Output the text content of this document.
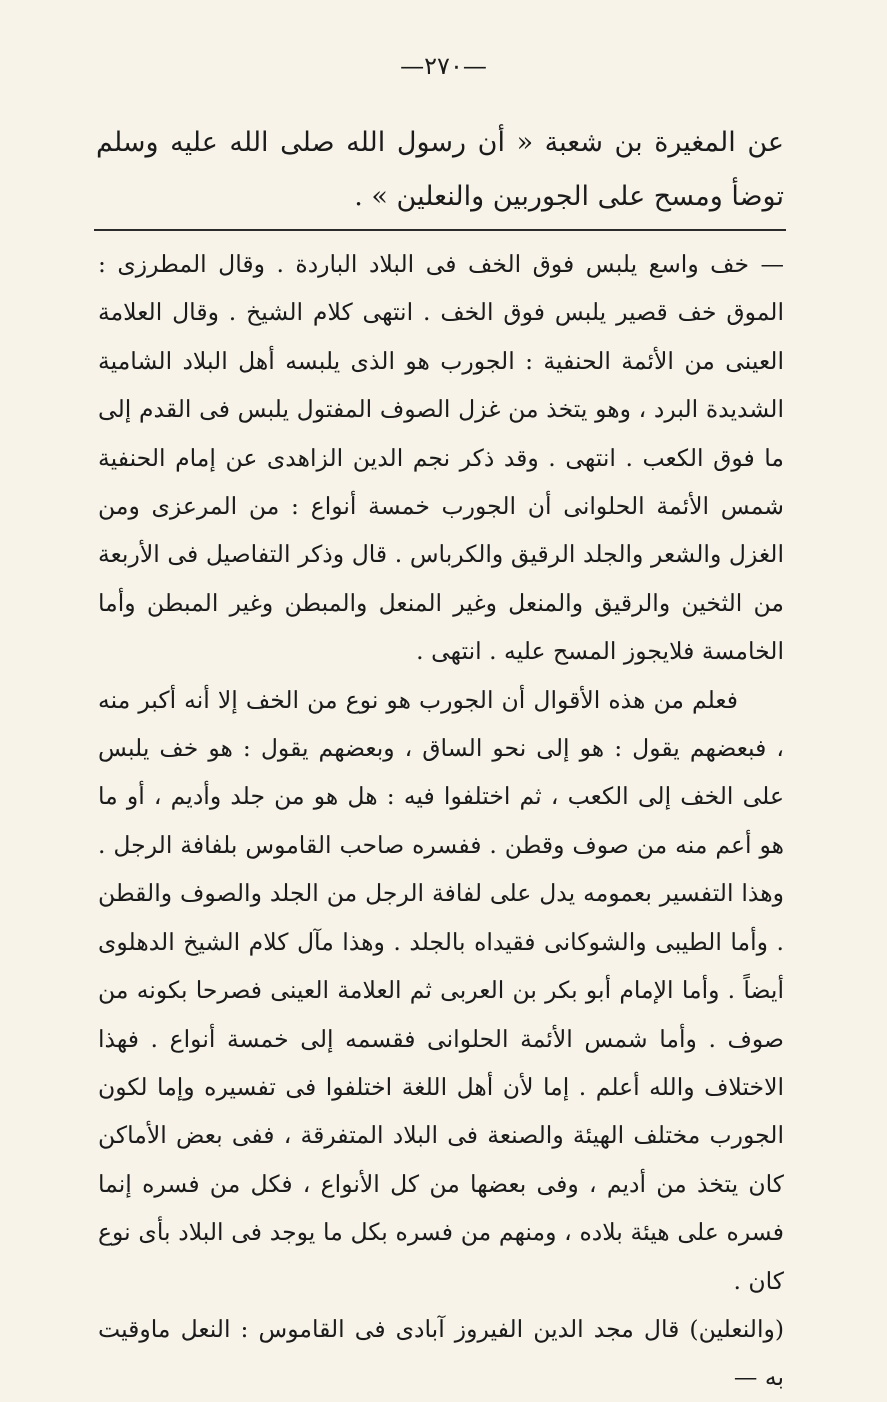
—٢٧٠—
عن المغيرة بن شعبة « أن رسول الله صلى الله عليه وسلم توضأ ومسح على الجوربين والنعلين » .

— خف واسع يلبس فوق الخف فى البلاد الباردة . وقال المطرزى : الموق خف قصير يلبس فوق الخف . انتهى كلام الشيخ . وقال العلامة العينى من الأئمة الحنفية : الجورب هو الذى يلبسه أهل البلاد الشامية الشديدة البرد ، وهو يتخذ من غزل الصوف المفتول يلبس فى القدم إلى ما فوق الكعب . انتهى . وقد ذكر نجم الدين الزاهدى عن إمام الحنفية شمس الأئمة الحلوانى أن الجورب خمسة أنواع : من المرعزى ومن الغزل والشعر والجلد الرقيق والكرباس . قال وذكر التفاصيل فى الأربعة من الثخين والرقيق والمنعل وغير المنعل والمبطن وغير المبطن وأما الخامسة فلايجوز المسح عليه . انتهى .

فعلم من هذه الأقوال أن الجورب هو نوع من الخف إلا أنه أكبر منه ، فبعضهم يقول : هو إلى نحو الساق ، وبعضهم يقول : هو خف يلبس على الخف إلى الكعب ، ثم اختلفوا فيه : هل هو من جلد وأديم ، أو ما هو أعم منه من صوف وقطن . ففسره صاحب القاموس بلفافة الرجل . وهذا التفسير بعمومه يدل على لفافة الرجل من الجلد والصوف والقطن . وأما الطيبى والشوكانى فقيداه بالجلد . وهذا مآل كلام الشيخ الدهلوى أيضاً . وأما الإمام أبو بكر بن العربى ثم العلامة العينى فصرحا بكونه من صوف . وأما شمس الأئمة الحلوانى فقسمه إلى خمسة أنواع . فهذا الاختلاف والله أعلم . إما لأن أهل اللغة اختلفوا فى تفسيره وإما لكون الجورب مختلف الهيئة والصنعة فى البلاد المتفرقة ، ففى بعض الأماكن كان يتخذ من أديم ، وفى بعضها من كل الأنواع ، فكل من فسره إنما فسره على هيئة بلاده ، ومنهم من فسره بكل ما يوجد فى البلاد بأى نوع كان .

(والنعلين) قال مجد الدين الفيروز آبادى فى القاموس : النعل ماوقيت به —
